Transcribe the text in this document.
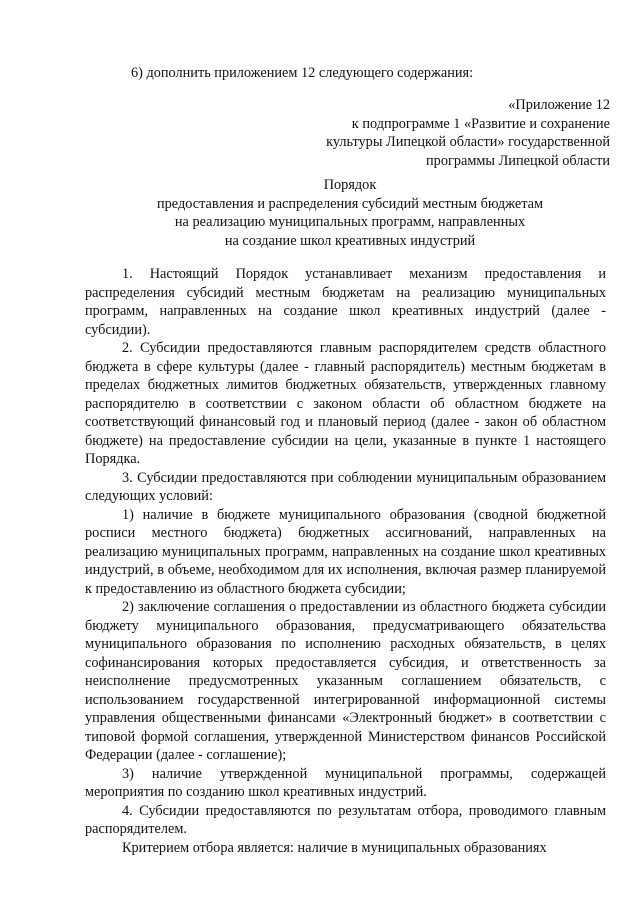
6) дополнить приложением 12 следующего содержания:
«Приложение 12
к подпрограмме 1 «Развитие и сохранение
культуры Липецкой области» государственной
программы Липецкой области
Порядок
предоставления и распределения субсидий местным бюджетам
на реализацию муниципальных программ, направленных
на создание школ креативных индустрий

1. Настоящий Порядок устанавливает механизм предоставления и распределения субсидий местным бюджетам на реализацию муниципальных программ, направленных на создание школ креативных индустрий (далее - субсидии).

2. Субсидии предоставляются главным распорядителем средств областного бюджета в сфере культуры (далее - главный распорядитель) местным бюджетам в пределах бюджетных лимитов бюджетных обязательств, утвержденных главному распорядителю в соответствии с законом области об областном бюджете на соответствующий финансовый год и плановый период (далее - закон об областном бюджете) на предоставление субсидии на цели, указанные в пункте 1 настоящего Порядка.

3. Субсидии предоставляются при соблюдении муниципальным образованием следующих условий:

1) наличие в бюджете муниципального образования (сводной бюджетной росписи местного бюджета) бюджетных ассигнований, направленных на реализацию муниципальных программ, направленных на создание школ креативных индустрий, в объеме, необходимом для их исполнения, включая размер планируемой к предоставлению из областного бюджета субсидии;

2) заключение соглашения о предоставлении из областного бюджета субсидии бюджету муниципального образования, предусматривающего обязательства муниципального образования по исполнению расходных обязательств, в целях софинансирования которых предоставляется субсидия, и ответственность за неисполнение предусмотренных указанным соглашением обязательств, с использованием государственной интегрированной информационной системы управления общественными финансами «Электронный бюджет» в соответствии с типовой формой соглашения, утвержденной Министерством финансов Российской Федерации (далее - соглашение);

3) наличие утвержденной муниципальной программы, содержащей мероприятия по созданию школ креативных индустрий.

4. Субсидии предоставляются по результатам отбора, проводимого главным распорядителем.

Критерием отбора является: наличие в муниципальных образованиях
